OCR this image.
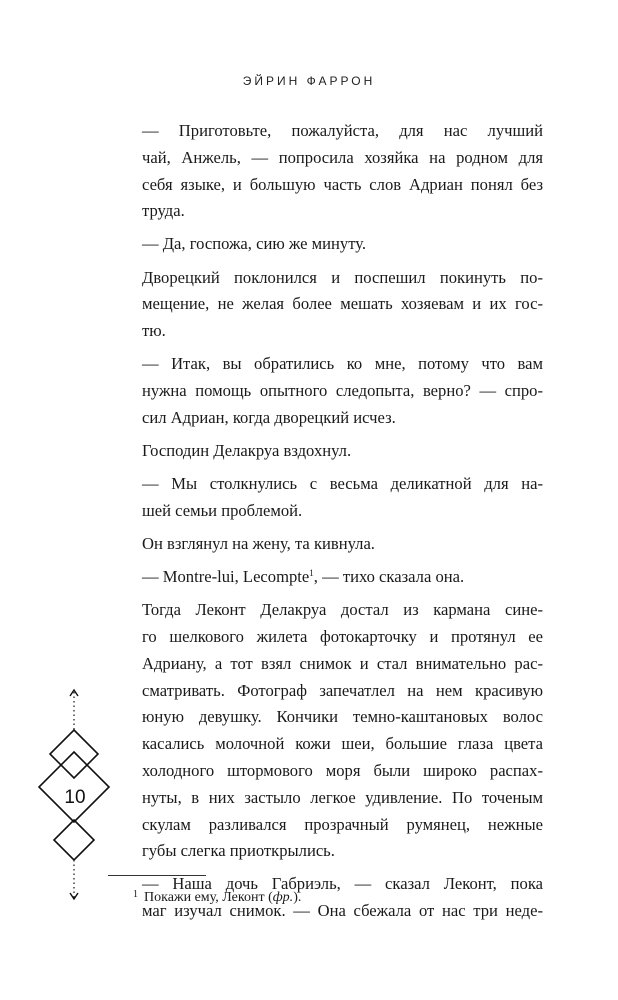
ЭЙРИН ФАРРОН
— Приготовьте, пожалуйста, для нас лучший
чай, Анжель, — попросила хозяйка на родном для
себя языке, и большую часть слов Адриан понял без
труда.
— Да, госпожа, сию же минуту.
Дворецкий поклонился и поспешил покинуть по-
мещение, не желая более мешать хозяевам и их гос-
тю.
— Итак, вы обратились ко мне, потому что вам
нужна помощь опытного следопыта, верно? — спро-
сил Адриан, когда дворецкий исчез.
Господин Делакруа вздохнул.
— Мы столкнулись с весьма деликатной для на-
шей семьи проблемой.
Он взглянул на жену, та кивнула.
— Montre-lui, Lecompte$^1$, — тихо сказала она.
Тогда Леконт Делакруа достал из кармана сине-
го шелкового жилета фотокарточку и протянул ее
Адриану, а тот взял снимок и стал внимательно рас-
сматривать. Фотограф запечатлел на нем красивую
юную девушку. Кончики темно-каштановых волос
касались молочной кожи шеи, большие глаза цвета
холодного штормового моря были широко распах-
нуты, в них застыло легкое удивление. По точеным
скулам разливался прозрачный румянец, нежные
губы слегка приоткрылись.
— Наша дочь Габриэль, — сказал Леконт, пока
маг изучал снимок. — Она сбежала от нас три неде-
$^1$ Покажи ему, Леконт (фр.).
10
